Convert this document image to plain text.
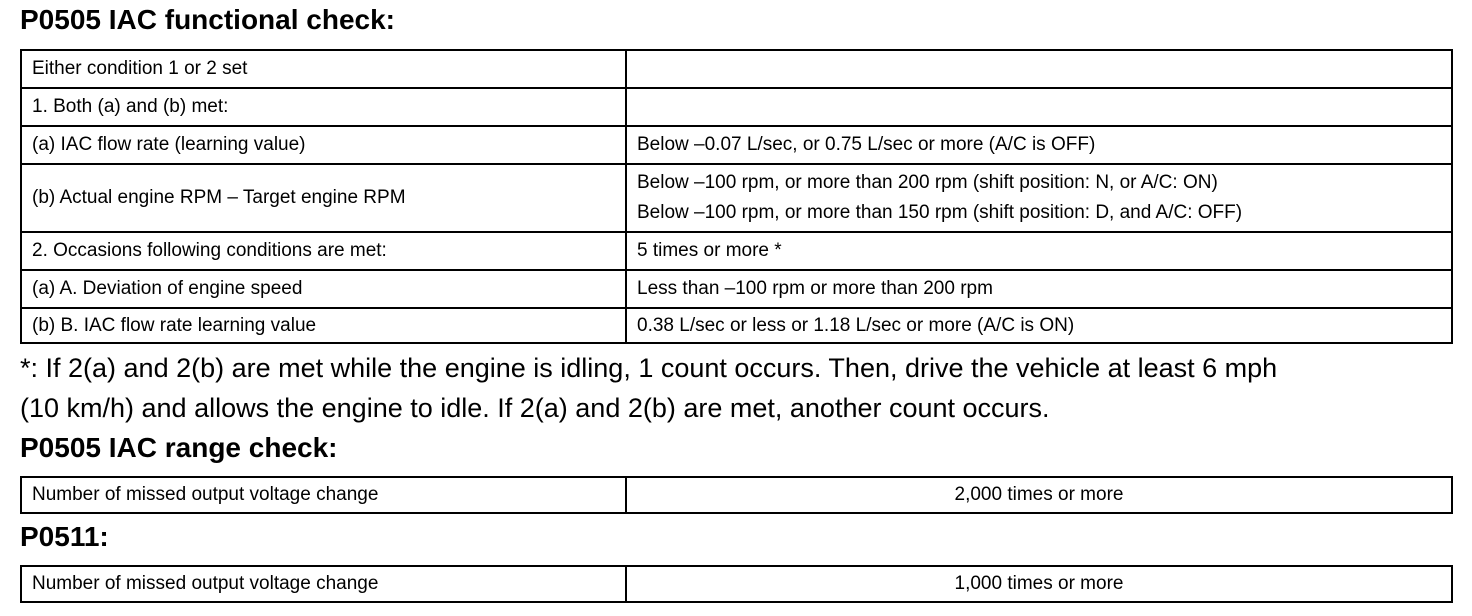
P0505 IAC functional check:
Either condition 1 or 2 set	
1. Both (a) and (b) met:	
(a) IAC flow rate (learning value)	Below –0.07 L/sec, or 0.75 L/sec or more (A/C is OFF)
(b) Actual engine RPM – Target engine RPM	Below –100 rpm, or more than 200 rpm (shift position: N, or A/C: ON)
Below –100 rpm, or more than 150 rpm (shift position: D, and A/C: OFF)

2. Occasions following conditions are met:	5 times or more *
(a) A. Deviation of engine speed	Less than –100 rpm or more than 200 rpm
(b) B. IAC flow rate learning value	0.38 L/sec or less or 1.18 L/sec or more (A/C is ON)
*: If 2(a) and 2(b) are met while the engine is idling, 1 count occurs. Then, drive the vehicle at least 6 mph
(10 km/h) and allows the engine to idle. If 2(a) and 2(b) are met, another count occurs.
P0505 IAC range check:
Number of missed output voltage change	2,000 times or more
P0511:
Number of missed output voltage change	1,000 times or more
